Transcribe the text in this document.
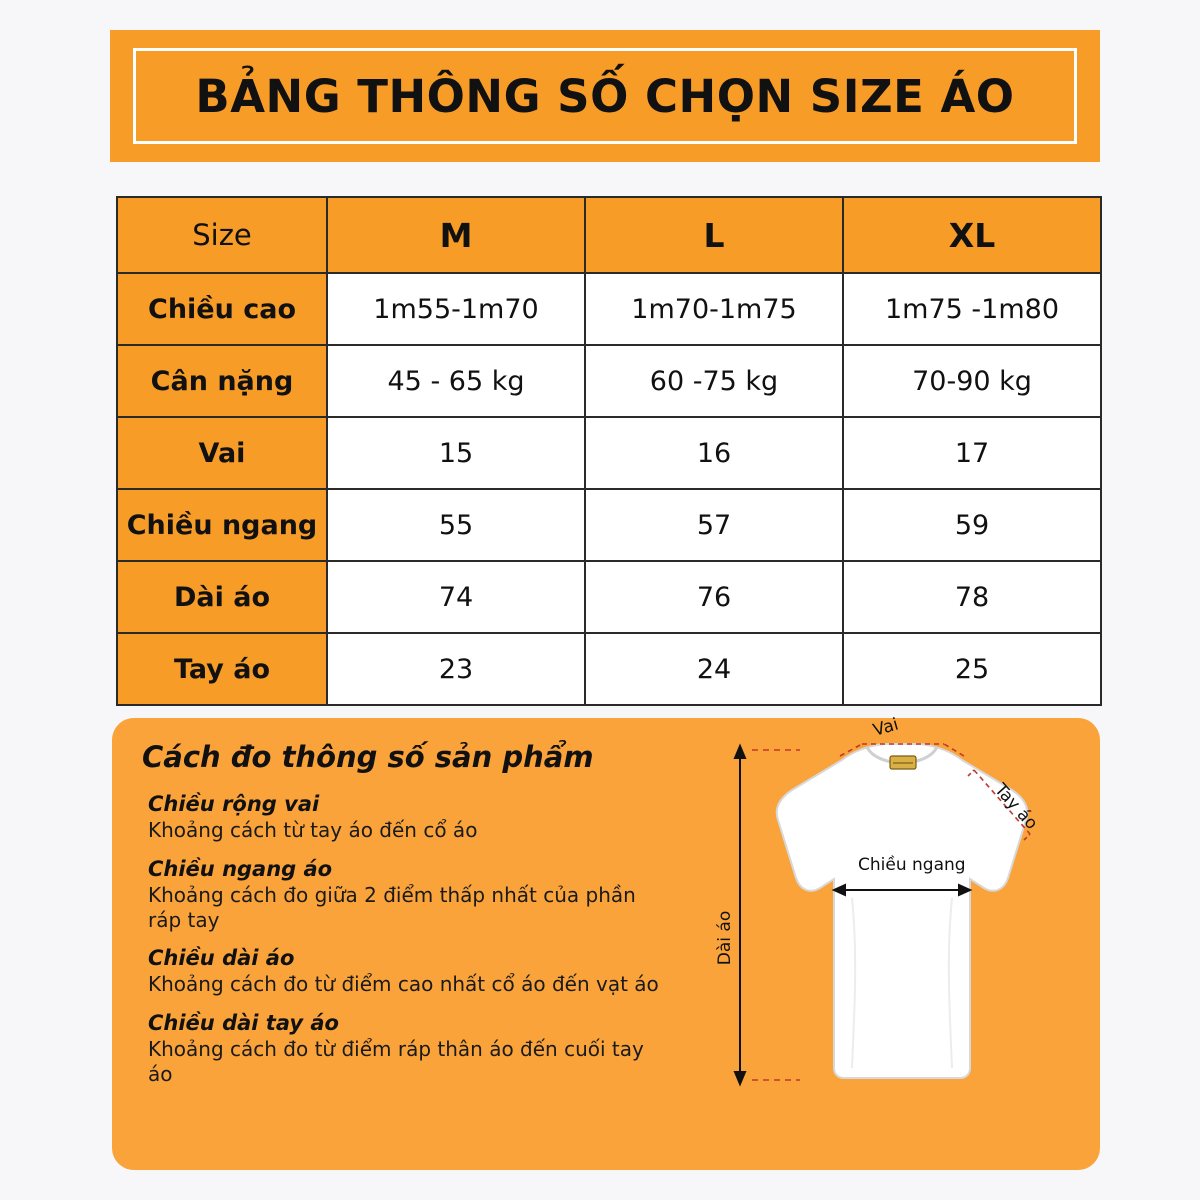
BẢNG THÔNG SỐ CHỌN SIZE ÁO
Size	M	L	XL
Chiều cao	1m55-1m70	1m70-1m75	1m75 -1m80
Cân nặng	45 - 65 kg	60 -75 kg	70-90 kg
Vai	15	16	17
Chiều ngang	55	57	59
Dài áo	74	76	78
Tay áo	23	24	25
Cách đo thông số sản phẩm
Chiều rộng vai
Khoảng cách từ tay áo đến cổ áo
Chiều ngang áo
Khoảng cách đo giữa 2 điểm thấp nhất của phần ráp tay
Chiều dài áo
Khoảng cách đo từ điểm cao nhất cổ áo đến vạt áo
Chiều dài tay áo
Khoảng cách đo từ điểm ráp thân áo đến cuối tay áo
Vai
Tay áo
Chiều ngang
Dài áo
